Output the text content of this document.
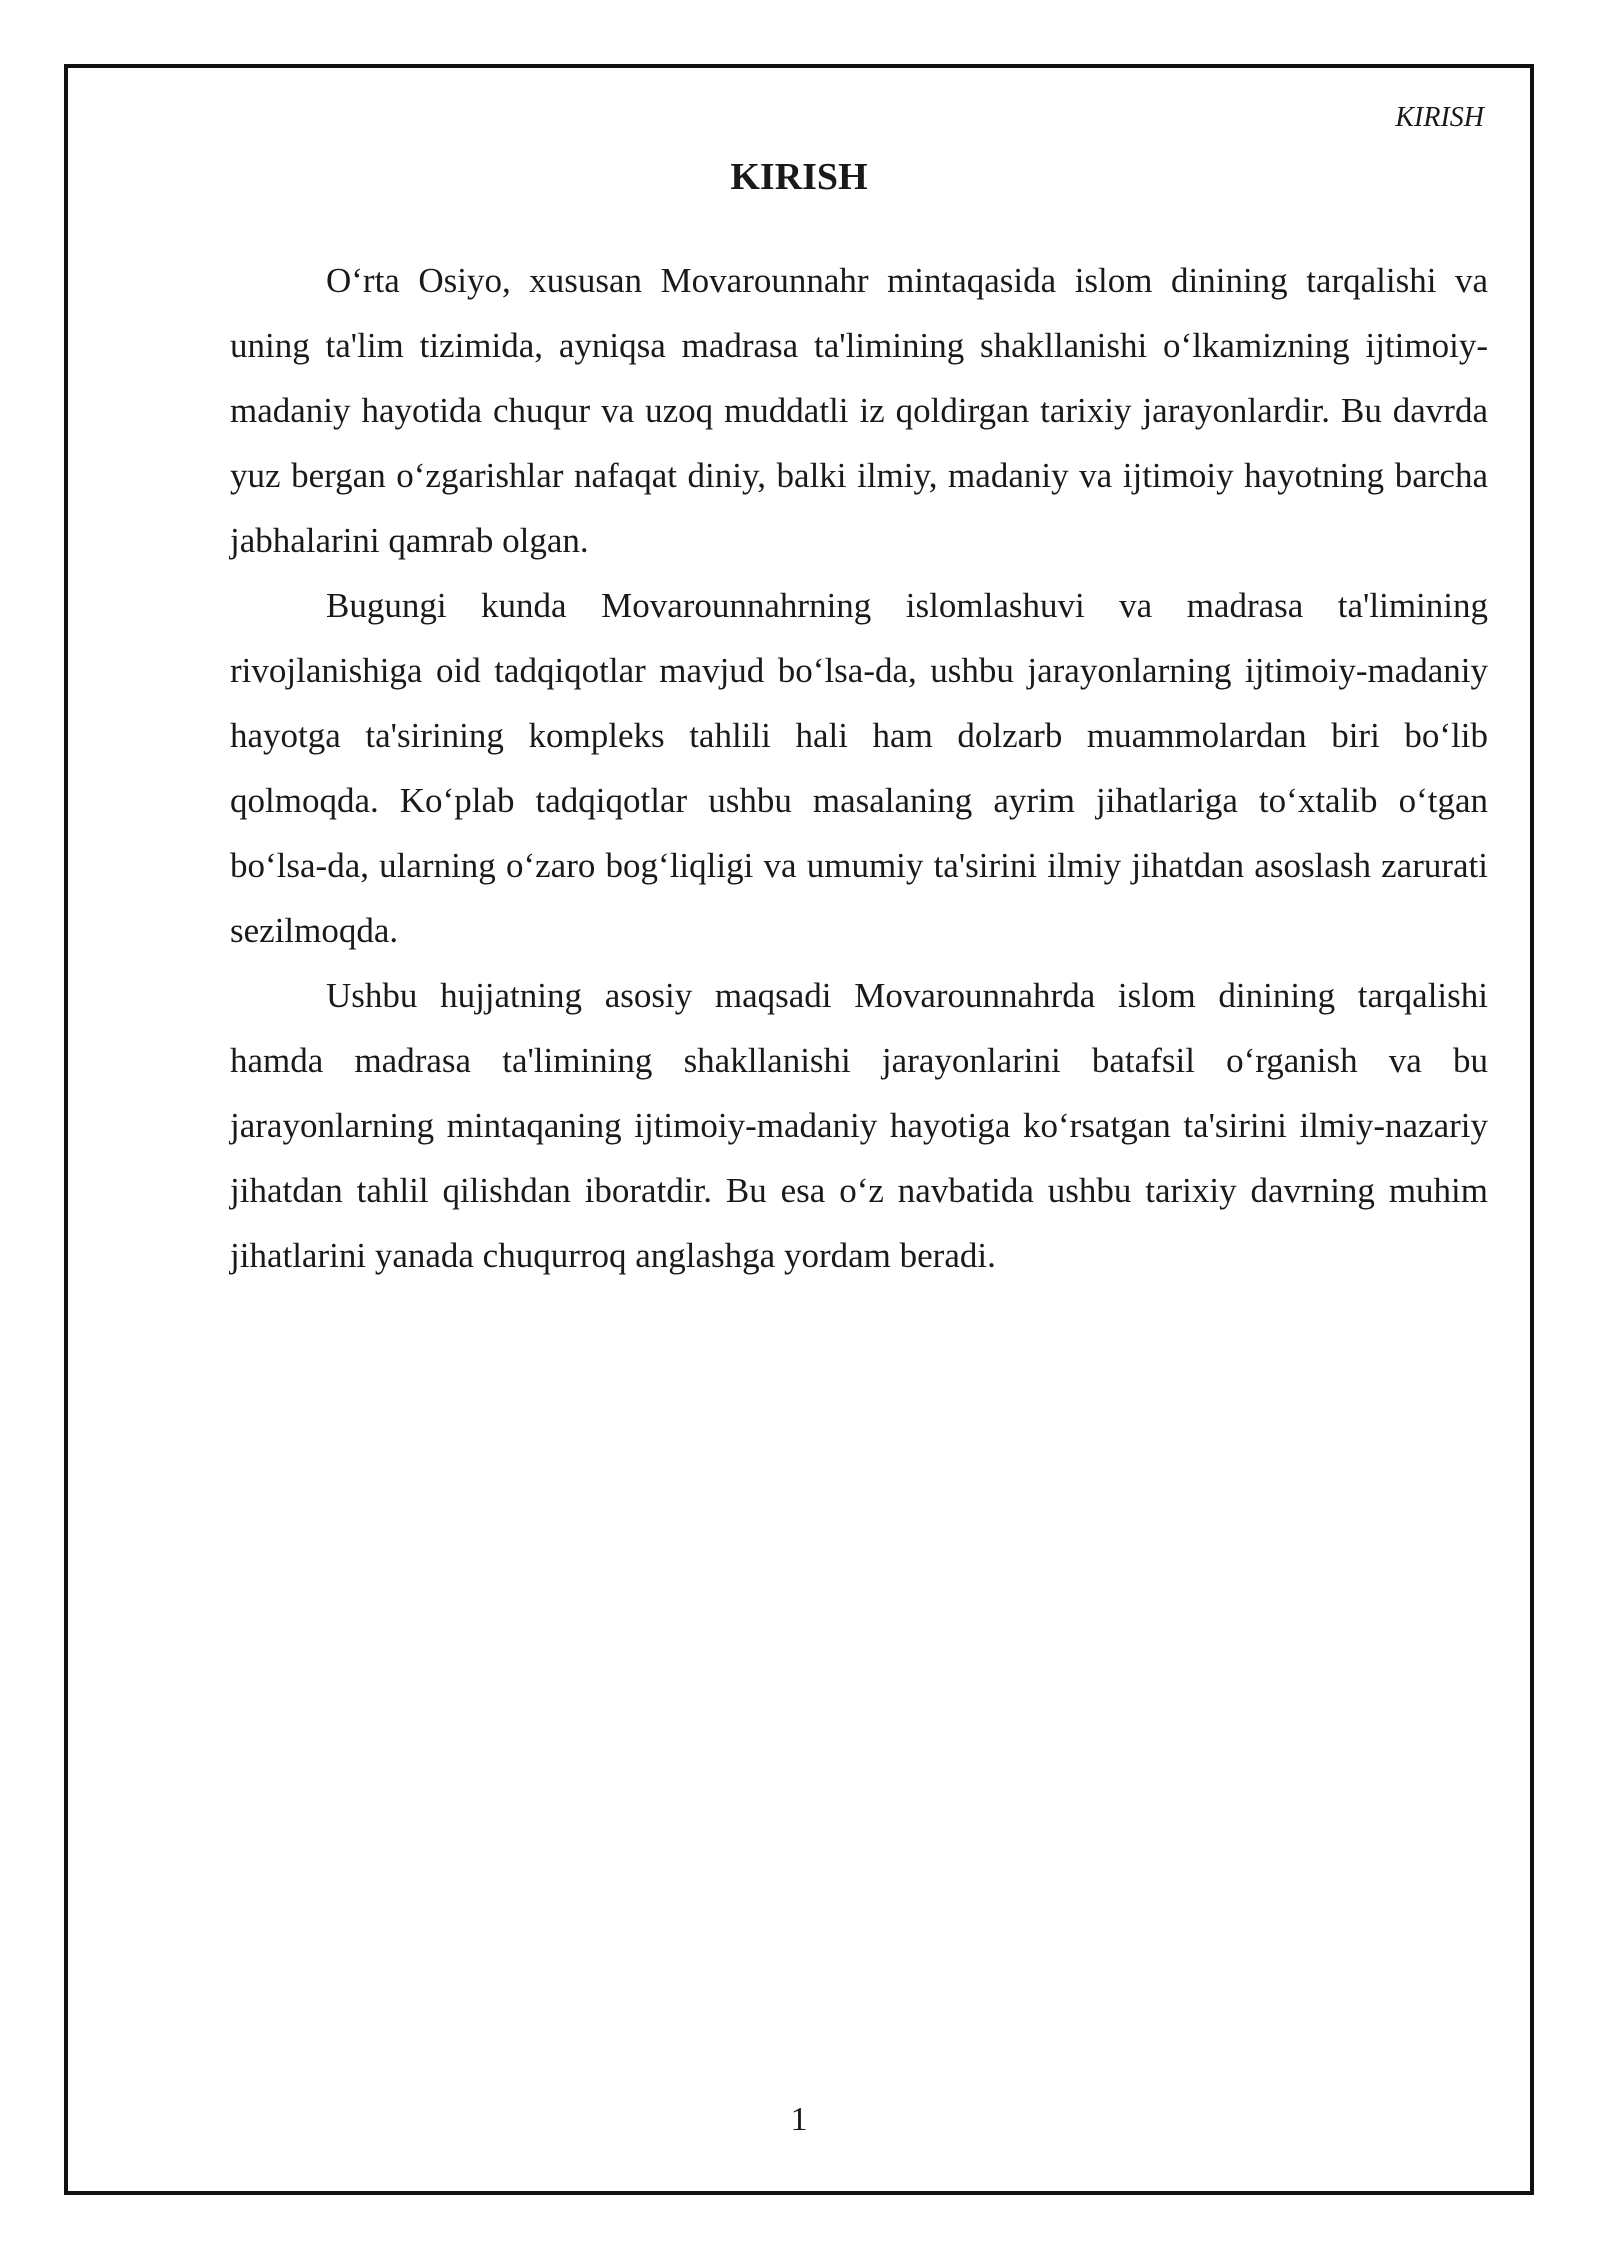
KIRISH
KIRISH

O‘rta Osiyo, xususan Movarounnahr mintaqasida islom dinining tarqalishi va uning ta'lim tizimida, ayniqsa madrasa ta'limining shakllanishi o‘lkamizning ijtimoiy-madaniy hayotida chuqur va uzoq muddatli iz qoldirgan tarixiy jarayonlardir. Bu davrda yuz bergan o‘zgarishlar nafaqat diniy, balki ilmiy, madaniy va ijtimoiy hayotning barcha jabhalarini qamrab olgan.

Bugungi kunda Movarounnahrning islomlashuvi va madrasa ta'limining rivojlanishiga oid tadqiqotlar mavjud bo‘lsa-da, ushbu jarayonlarning ijtimoiy-madaniy hayotga ta'sirining kompleks tahlili hali ham dolzarb muammolardan biri bo‘lib qolmoqda. Ko‘plab tadqiqotlar ushbu masalaning ayrim jihatlariga to‘xtalib o‘tgan bo‘lsa-da, ularning o‘zaro bog‘liqligi va umumiy ta'sirini ilmiy jihatdan asoslash zarurati sezilmoqda.

Ushbu hujjatning asosiy maqsadi Movarounnahrda islom dinining tarqalishi hamda madrasa ta'limining shakllanishi jarayonlarini batafsil o‘rganish va bu jarayonlarning mintaqaning ijtimoiy-madaniy hayotiga ko‘rsatgan ta'sirini ilmiy-nazariy jihatdan tahlil qilishdan iboratdir. Bu esa o‘z navbatida ushbu tarixiy davrning muhim jihatlarini yanada chuqurroq anglashga yordam beradi.

1
